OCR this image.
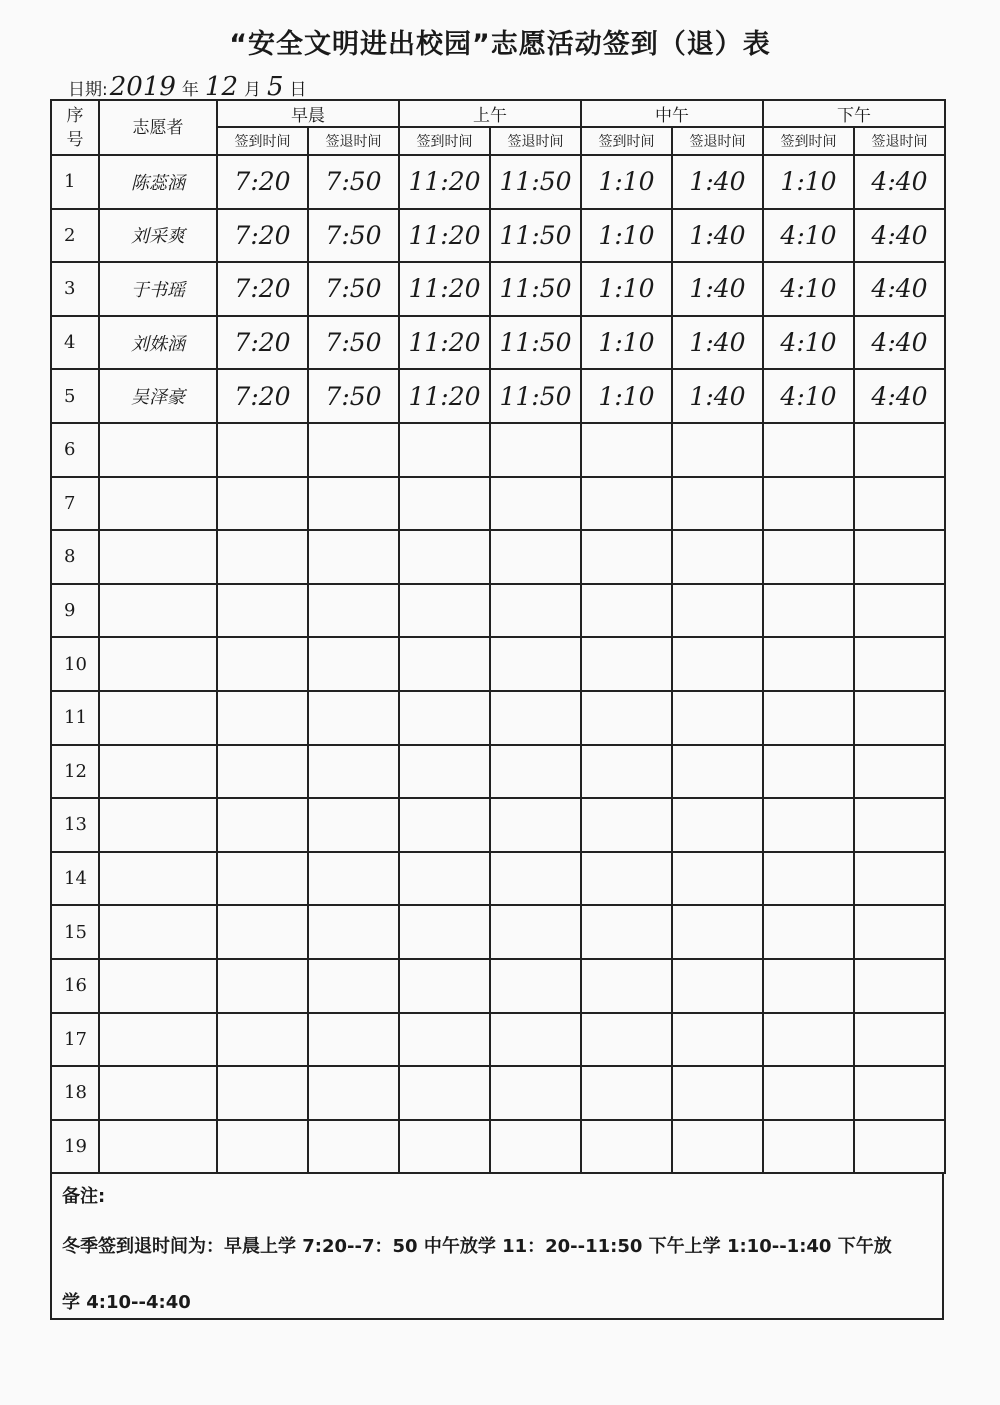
“安全文明进出校园”志愿活动签到（退）表
日期: 2019 年 12 月 5 日
序号	志愿者	早晨		上午		中午		下午	
		签到时间	签退时间	签到时间	签退时间	签到时间	签退时间	签到时间	签退时间
1	陈蕊涵	7:20	7:50	11:20	11:50	1:10	1:40	1:10	4:40
2	刘采爽	7:20	7:50	11:20	11:50	1:10	1:40	4:10	4:40
3	于书瑶	7:20	7:50	11:20	11:50	1:10	1:40	4:10	4:40
4	刘姝涵	7:20	7:50	11:20	11:50	1:10	1:40	4:10	4:40
5	吴泽豪	7:20	7:50	11:20	11:50	1:10	1:40	4:10	4:40
6									
7									
8									
9									
10									
11									
12									
13									
14									
15									
16									
17									
18									
19									
备注:
冬季签到退时间为：早晨上学 7:20--7：50 中午放学 11：20--11:50 下午上学 1:10--1:40 下午放
学 4:10--4:40
